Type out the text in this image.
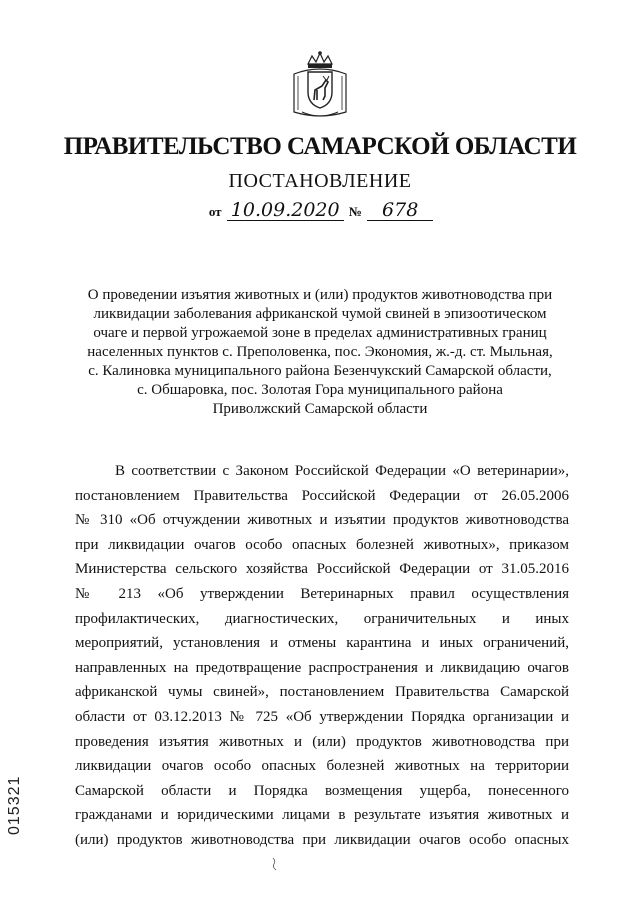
ПРАВИТЕЛЬСТВО САМАРСКОЙ ОБЛАСТИ
ПОСТАНОВЛЕНИЕ
от 10.09.2020 № 678
О проведении изъятия животных и (или) продуктов животноводства при
ликвидации заболевания африканской чумой свиней в эпизоотическом
очаге и первой угрожаемой зоне в пределах административных границ
населенных пунктов с. Преполовенка, пос. Экономия, ж.-д. ст. Мыльная,
с. Калиновка муниципального района Безенчукский Самарской области,
с. Обшаровка, пос. Золотая Гора муниципального района
Приволжский Самарской области
В соответствии с Законом Российской Федерации «О ветеринарии»,
постановлением Правительства Российской Федерации от 26.05.2006
№ 310 «Об отчуждении животных и изъятии продуктов животноводства
при ликвидации очагов особо опасных болезней животных», приказом
Министерства сельского хозяйства Российской Федерации от 31.05.2016
№ 213 «Об утверждении Ветеринарных правил осуществления
профилактических, диагностических, ограничительных и иных
мероприятий, установления и отмены карантина и иных ограничений,
направленных на предотвращение распространения и ликвидацию очагов
африканской чумы свиней», постановлением Правительства Самарской
области от 03.12.2013 № 725 «Об утверждении Порядка организации и
проведения изъятия животных и (или) продуктов животноводства при
ликвидации очагов особо опасных болезней животных на территории
Самарской области и Порядка возмещения ущерба, понесенного
гражданами и юридическими лицами в результате изъятия животных и
(или) продуктов животноводства при ликвидации очагов особо опасных
015321
